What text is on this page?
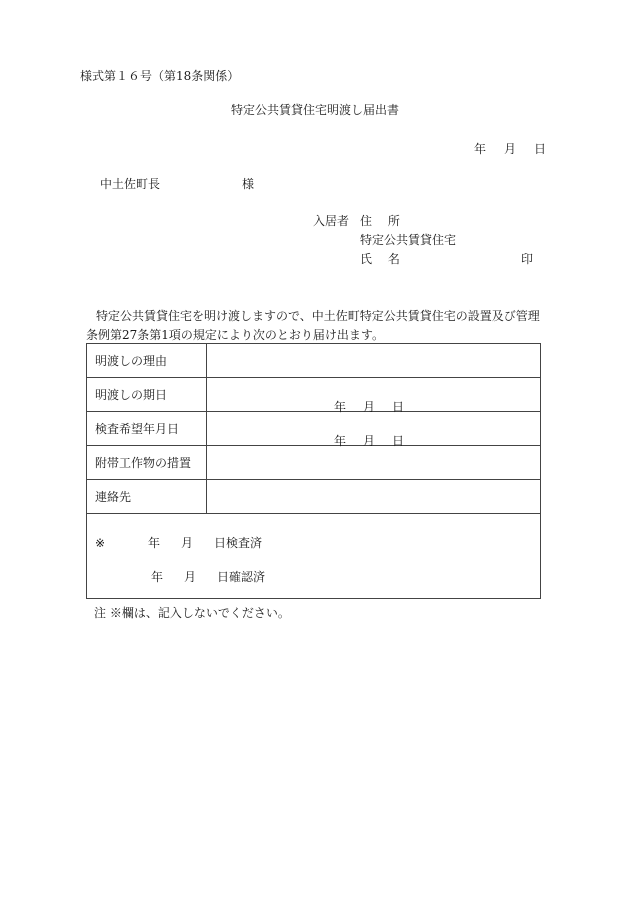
様式第１６号（第18条関係）
特定公共賃貸住宅明渡し届出書
年 月 日
中土佐町長	様
入居者 住 所
特定公共賃貸住宅
氏 名	印
特定公共賃貸住宅を明け渡しますので、中土佐町特定公共賃貸住宅の設置及び管理
条例第27条第1項の規定により次のとおり届け出ます。
明渡しの理由	
明渡しの期日	年 月 日

検査希望年月日	年 月 日

附帯工作物の措置	
連絡先	

※ 年 月 日検査済
年 月 日確認済	
注 ※欄は、記入しないでください。
